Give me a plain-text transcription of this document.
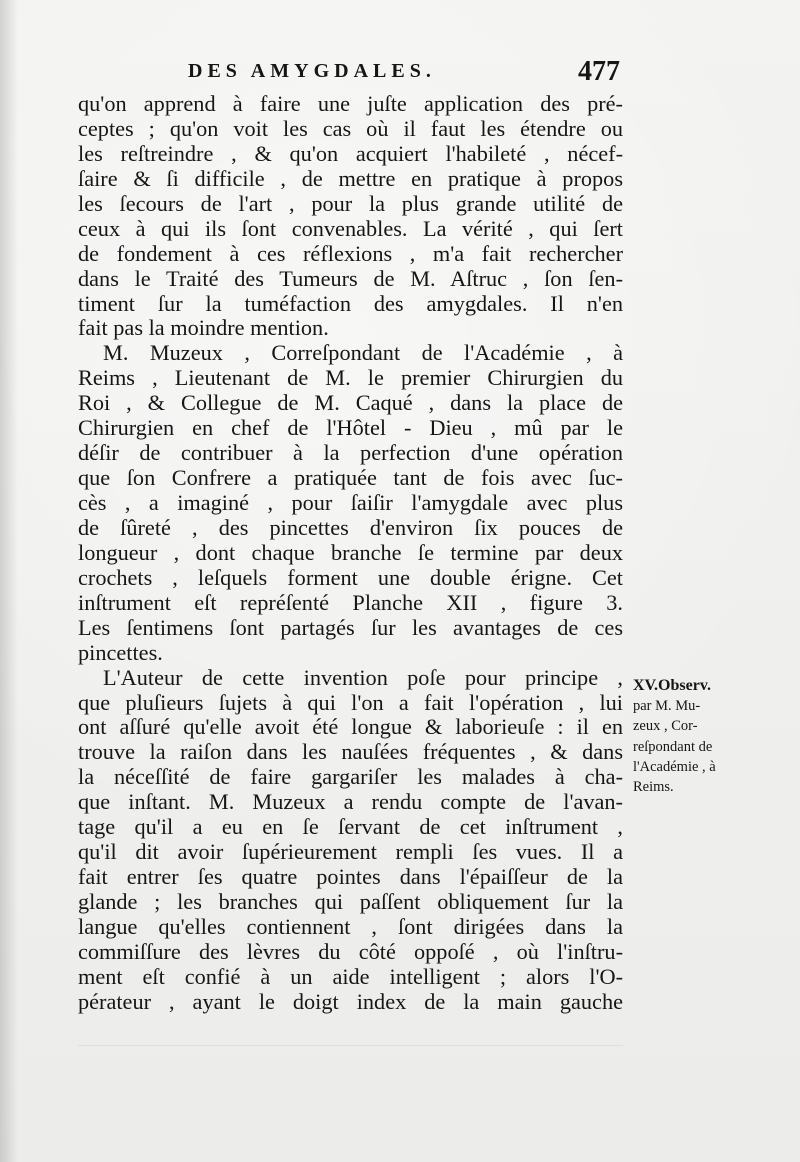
DES AMYGDALES.	477
qu'on apprend à faire une juſte application des pré-
ceptes ; qu'on voit les cas où il faut les étendre ou
les reſtreindre , & qu'on acquiert l'habileté , nécef-
ſaire & ſi difficile , de mettre en pratique à propos
les ſecours de l'art , pour la plus grande utilité de
ceux à qui ils ſont convenables. La vérité , qui ſert
de fondement à ces réflexions , m'a fait rechercher
dans le Traité des Tumeurs de M. Aſtruc , ſon ſen-
timent ſur la tuméfaction des amygdales. Il n'en
fait pas la moindre mention.
M. Muzeux , Correſpondant de l'Académie , à
Reims , Lieutenant de M. le premier Chirurgien du
Roi , & Collegue de M. Caqué , dans la place de
Chirurgien en chef de l'Hôtel - Dieu , mû par le
déſir de contribuer à la perfection d'une opération
que ſon Confrere a pratiquée tant de fois avec ſuc-
cès , a imaginé , pour ſaiſir l'amygdale avec plus
de ſûreté , des pincettes d'environ ſix pouces de
longueur , dont chaque branche ſe termine par deux
crochets , leſquels forment une double érigne. Cet
inſtrument eſt repréſenté Planche XII , figure 3.
Les ſentimens ſont partagés ſur les avantages de ces
pincettes.
L'Auteur de cette invention poſe pour principe ,
que pluſieurs ſujets à qui l'on a fait l'opération , lui
ont aſſuré qu'elle avoit été longue & laborieuſe : il en
trouve la raiſon dans les nauſées fréquentes , & dans
la néceſſité de faire gargariſer les malades à cha-
que inſtant. M. Muzeux a rendu compte de l'avan-
tage qu'il a eu en ſe ſervant de cet inſtrument ,
qu'il dit avoir ſupérieurement rempli ſes vues. Il a
fait entrer ſes quatre pointes dans l'épaiſſeur de la
glande ; les branches qui paſſent obliquement ſur la
langue qu'elles contiennent , ſont dirigées dans la
commiſſure des lèvres du côté oppoſé , où l'inſtru-
ment eſt confié à un aide intelligent ; alors l'O-
pérateur , ayant le doigt index de la main gauche
XV.Observ.
par M. Mu-
zeux , Cor-
reſpondant de
l'Académie , à
Reims.
